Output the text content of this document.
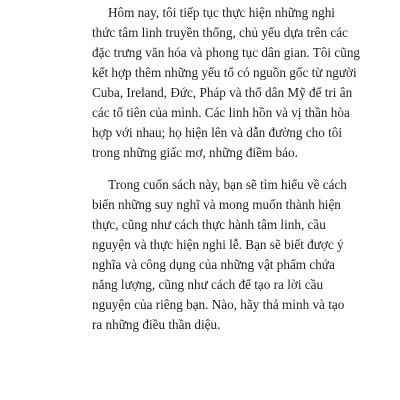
Hôm nay, tôi tiếp tục thực hiện những nghi
thức tâm linh truyền thống, chủ yếu dựa trên các
đặc trưng văn hóa và phong tục dân gian. Tôi cũng
kết hợp thêm những yếu tố có nguồn gốc từ người
Cuba, Ireland, Đức, Pháp và thổ dân Mỹ để tri ân
các tổ tiên của mình. Các linh hồn và vị thần hòa
hợp với nhau; họ hiện lên và dẫn đường cho tôi
trong những giấc mơ, những điềm báo.

Trong cuốn sách này, bạn sẽ tìm hiểu về cách
biến những suy nghĩ và mong muốn thành hiện
thực, cũng như cách thực hành tâm linh, cầu
nguyện và thực hiện nghi lễ. Bạn sẽ biết được ý
nghĩa và công dụng của những vật phẩm chứa
năng lượng, cũng như cách để tạo ra lời cầu
nguyện của riêng bạn. Nào, hãy thả mình và tạo
ra những điều thần diệu.
